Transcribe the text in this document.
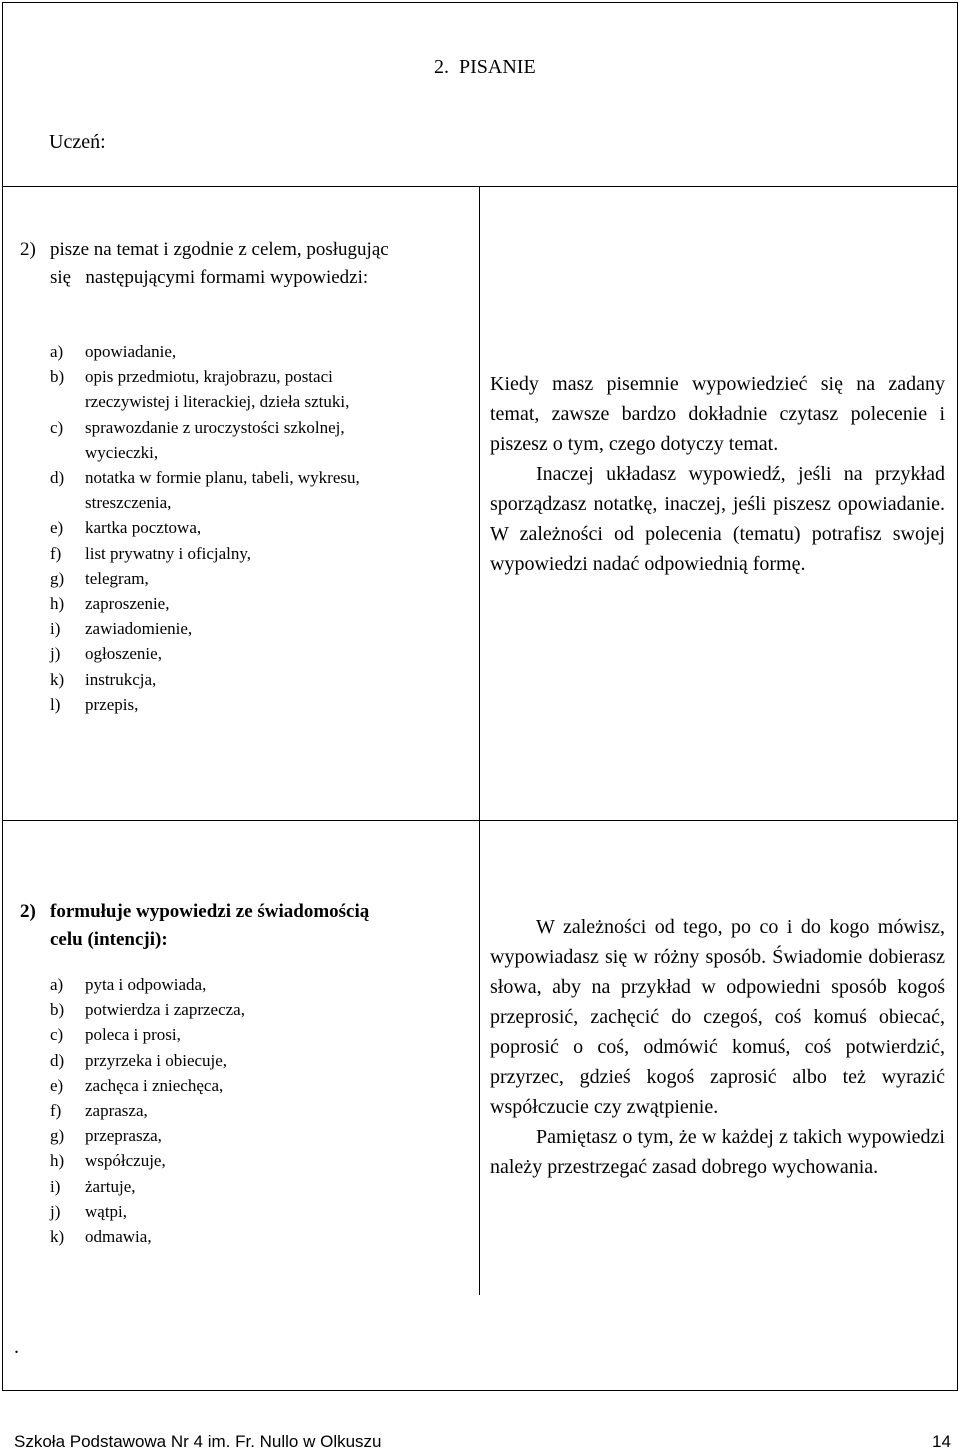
2.  PISANIE
Uczeń:
2) pisze na temat i zgodnie z celem, posługując
się   następującymi formami wypowiedzi:
a) opowiadanie,
b) opis przedmiotu, krajobrazu, postaci
rzeczywistej i literackiej, dzieła sztuki,
c) sprawozdanie z uroczystości szkolnej,
wycieczki,
d) notatka w formie planu, tabeli, wykresu,
streszczenia,
e) kartka pocztowa,
f) list prywatny i oficjalny,
g) telegram,
h) zaproszenie,
i) zawiadomienie,
j) ogłoszenie,
k) instrukcja,
l) przepis,

Kiedy masz pisemnie wypowiedzieć się na zadany temat, zawsze bardzo dokładnie czytasz polecenie i piszesz o tym, czego dotyczy temat.

Inaczej układasz wypowiedź, jeśli na przykład sporządzasz notatkę, inaczej, jeśli piszesz opowiadanie. W zależności od polecenia (tematu) potrafisz swojej wypowiedzi nadać odpowiednią formę.

2) formułuje wypowiedzi ze świadomością
celu (intencji):
a) pyta i odpowiada,
b) potwierdza i zaprzecza,
c) poleca i prosi,
d) przyrzeka i obiecuje,
e) zachęca i zniechęca,
f) zaprasza,
g) przeprasza,
h) współczuje,
i) żartuje,
j) wątpi,
k) odmawia,

W zależności od tego, po co i do kogo mówisz, wypowiadasz się w różny sposób. Świadomie dobierasz słowa, aby na przykład w odpowiedni sposób kogoś przeprosić, zachęcić do czegoś, coś komuś obiecać, poprosić o coś, odmówić komuś, coś potwierdzić, przyrzec, gdzieś kogoś zaprosić albo też wyrazić współczucie czy zwątpienie.

Pamiętasz o tym, że w każdej z takich wypowiedzi należy przestrzegać zasad dobrego wychowania.

.
Szkoła Podstawowa Nr 4 im. Fr. Nullo w Olkuszu	14
